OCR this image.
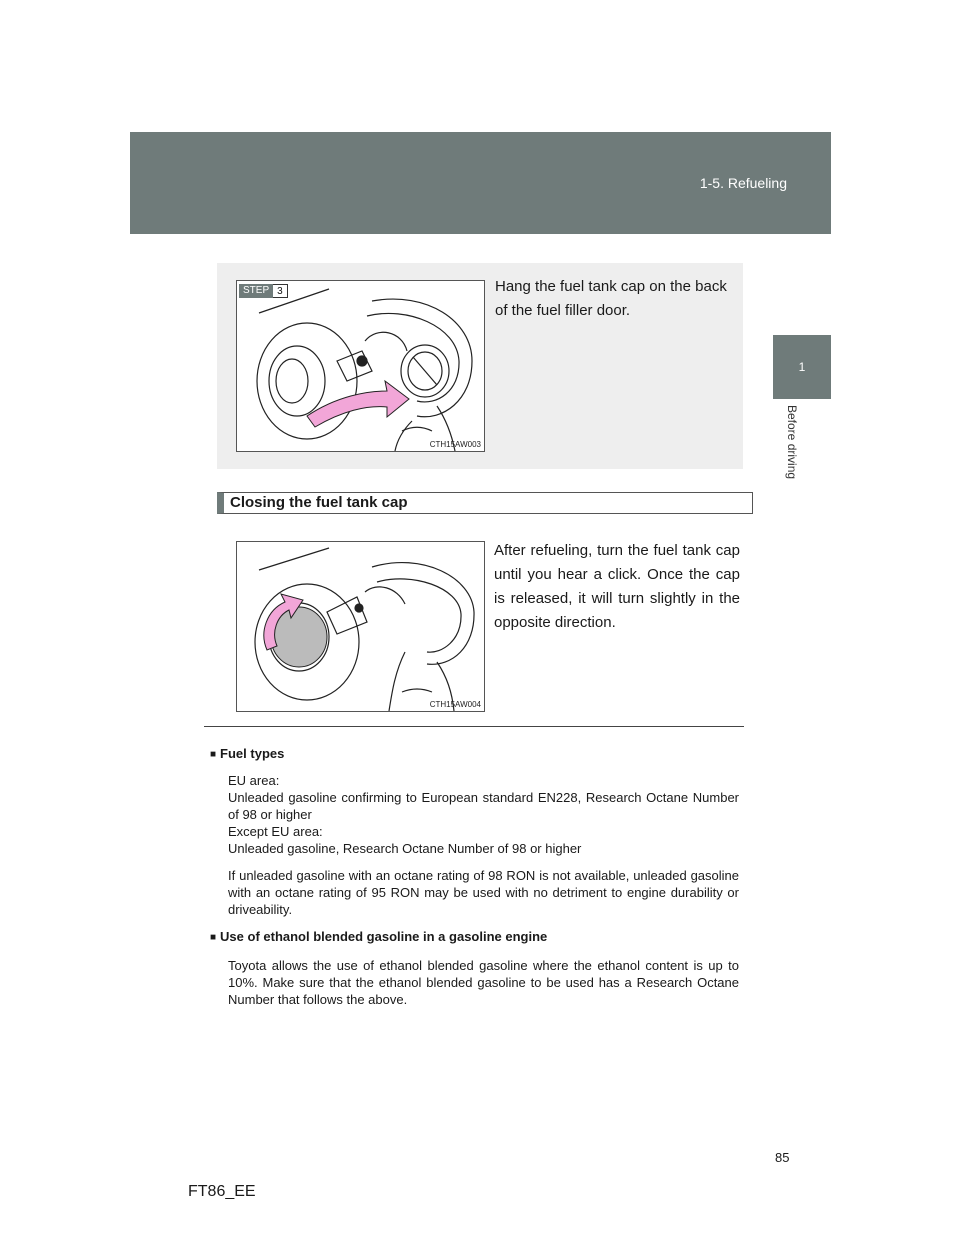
1-5. Refueling
1
Before driving
STEP 3
CTH15AW003
Hang the fuel tank cap on the back of the fuel filler door.
Closing the fuel tank cap
CTH15AW004
After refueling, turn the fuel tank cap until you hear a click. Once the cap is released, it will turn slightly in the opposite direction.
■ Fuel types

EU area:
Unleaded gasoline confirming to European standard EN228, Research Octane Number of 98 or higher
Except EU area:
Unleaded gasoline, Research Octane Number of 98 or higher

If unleaded gasoline with an octane rating of 98 RON is not available, unleaded gasoline with an octane rating of 95 RON may be used with no detriment to engine durability or driveability.

■ Use of ethanol blended gasoline in a gasoline engine

Toyota allows the use of ethanol blended gasoline where the ethanol content is up to 10%. Make sure that the ethanol blended gasoline to be used has a Research Octane Number that follows the above.

85
FT86_EE
